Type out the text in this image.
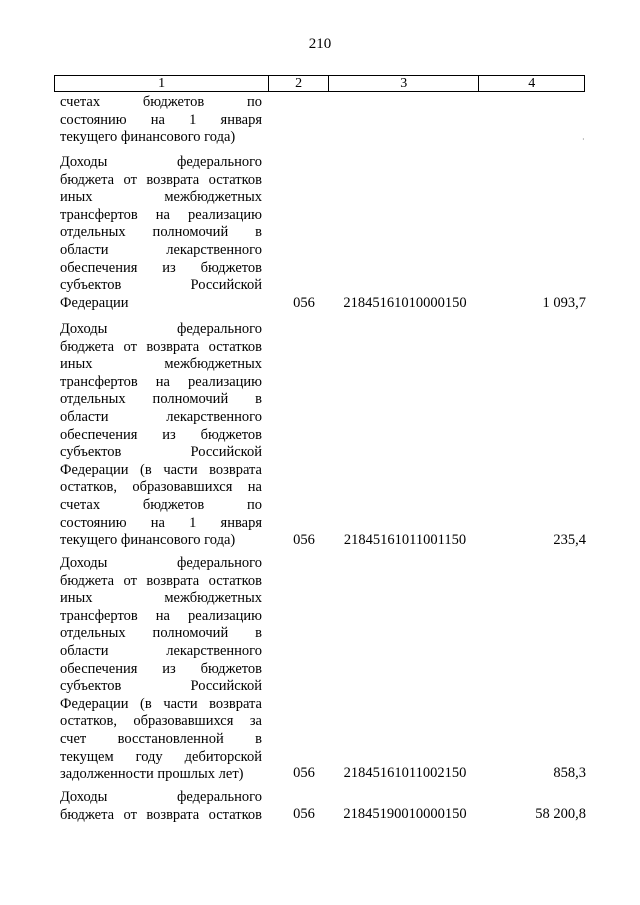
210
1	2	3	4
счетах бюджетов по
состоянию на 1 января
текущего финансового года)	·
Доходы федерального
бюджета от возврата остатков
иных межбюджетных
трансфертов на реализацию
отдельных полномочий в
области лекарственного
обеспечения из бюджетов
субъектов Российской
Федерации	056	21845161010000150	1 093,7
Доходы федерального
бюджета от возврата остатков
иных межбюджетных
трансфертов на реализацию
отдельных полномочий в
области лекарственного
обеспечения из бюджетов
субъектов Российской
Федерации (в части возврата
остатков, образовавшихся на
счетах бюджетов по
состоянию на 1 января
текущего финансового года)	056	21845161011001150	235,4
Доходы федерального
бюджета от возврата остатков
иных межбюджетных
трансфертов на реализацию
отдельных полномочий в
области лекарственного
обеспечения из бюджетов
субъектов Российской
Федерации (в части возврата
остатков, образовавшихся за
счет восстановленной в
текущем году дебиторской
задолженности прошлых лет)	056	21845161011002150	858,3
Доходы федерального
бюджета от возврата остатков	056	21845190010000150	58 200,8
